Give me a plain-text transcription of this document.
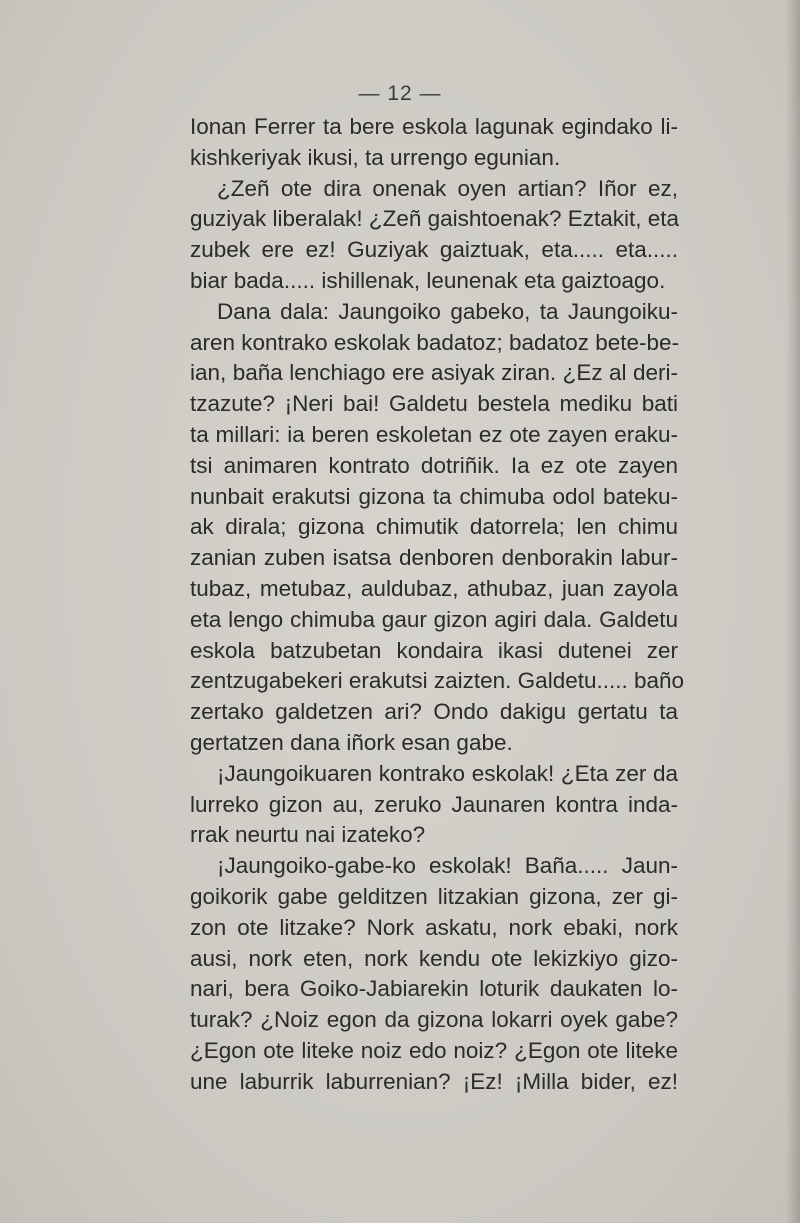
— 12 —
Ionan Ferrer ta bere eskola lagunak egindako li-
kishkeriyak ikusi, ta urrengo egunian.
¿Zeñ ote dira onenak oyen artian? Iñor ez,
guziyak liberalak! ¿Zeñ gaishtoenak? Eztakit, eta
zubek ere ez! Guziyak gaiztuak, eta..... eta.....
biar bada..... ishillenak, leunenak eta gaiztoago.
Dana dala: Jaungoiko gabeko, ta Jaungoiku-
aren kontrako eskolak badatoz; badatoz bete-be-
ian, baña lenchiago ere asiyak ziran. ¿Ez al deri-
tzazute? ¡Neri bai! Galdetu bestela mediku bati
ta millari: ia beren eskoletan ez ote zayen eraku-
tsi animaren kontrato dotriñik. Ia ez ote zayen
nunbait erakutsi gizona ta chimuba odol bateku-
ak dirala; gizona chimutik datorrela; len chimu
zanian zuben isatsa denboren denborakin labur-
tubaz, metubaz, auldubaz, athubaz, juan zayola
eta lengo chimuba gaur gizon agiri dala. Galdetu
eskola batzubetan kondaira ikasi dutenei zer
zentzugabekeri erakutsi zaizten. Galdetu..... baño
zertako galdetzen ari? Ondo dakigu gertatu ta
gertatzen dana iñork esan gabe.
¡Jaungoikuaren kontrako eskolak! ¿Eta zer da
lurreko gizon au, zeruko Jaunaren kontra inda-
rrak neurtu nai izateko?
¡Jaungoiko-gabe-ko eskolak! Baña..... Jaun-
goikorik gabe gelditzen litzakian gizona, zer gi-
zon ote litzake? Nork askatu, nork ebaki, nork
ausi, nork eten, nork kendu ote lekizkiyo gizo-
nari, bera Goiko-Jabiarekin loturik daukaten lo-
turak? ¿Noiz egon da gizona lokarri oyek gabe?
¿Egon ote liteke noiz edo noiz? ¿Egon ote liteke
une laburrik laburrenian? ¡Ez! ¡Milla bider, ez!
